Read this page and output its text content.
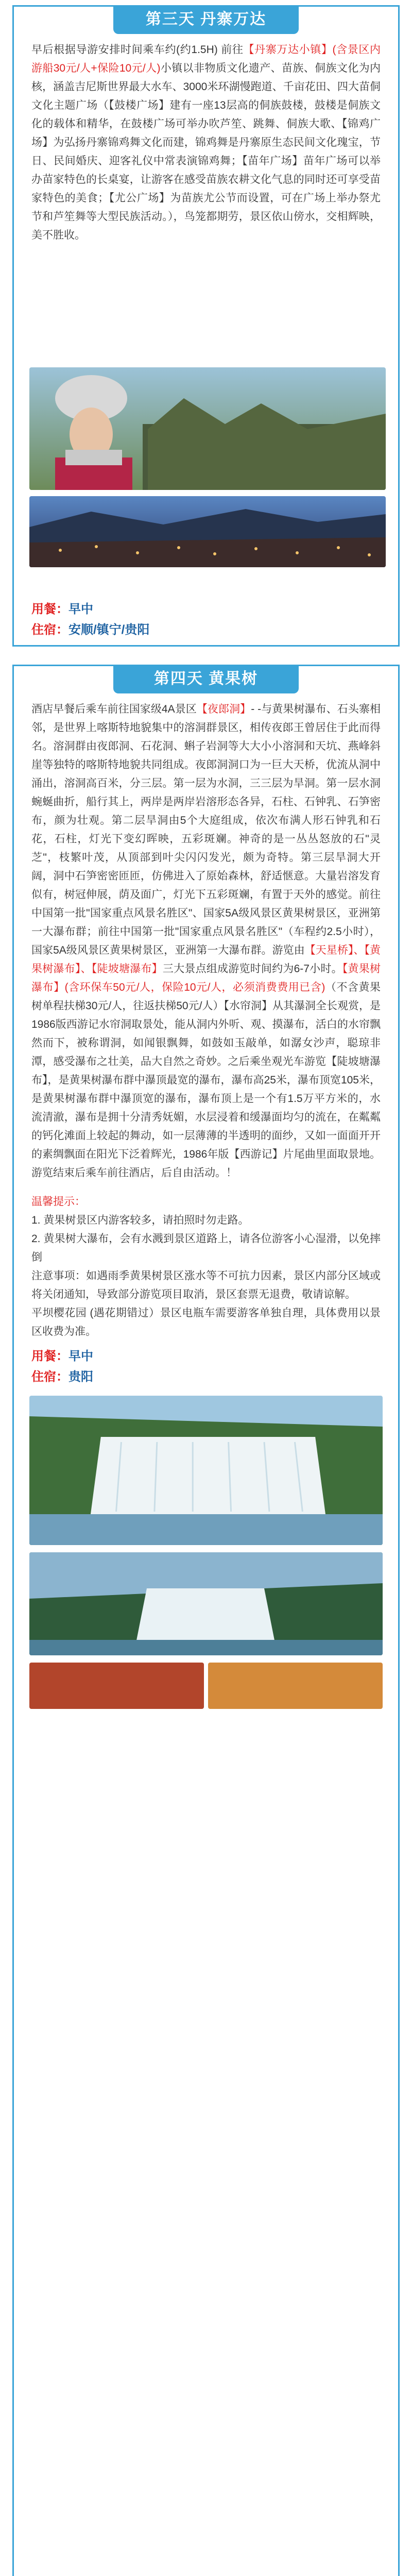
第三天 丹寨万达

早后根据导游安排时间乘车约(约1.5H) 前往【丹寨万达小镇】(含景区内游船30元/人+保险10元/人)小镇以非物质文化遗产、苗族、侗族文化为内核，涵盖吉尼斯世界最大水车、3000米环湖慢跑道、千亩花田、四大苗侗文化主题广场（【鼓楼广场】建有一座13层高的侗族鼓楼，鼓楼是侗族文化的载体和精华，在鼓楼广场可举办吹芦笙、跳舞、侗族大歌、【锦鸡广场】为弘扬丹寨锦鸡舞文化而建，锦鸡舞是丹寨原生态民间文化瑰宝，节日、民间婚庆、迎客礼仪中常表演锦鸡舞；【苗年广场】苗年广场可以举办苗家特色的长桌宴，让游客在感受苗族农耕文化气息的同时还可享受苗家特色的美食；【尤公广场】为苗族尤公节而设置，可在广场上举办祭尤节和芦笙舞等大型民族活动。），鸟笼都期劳，景区依山傍水，交相辉映，美不胜收。

用餐：早中
住宿：安顺/镇宁/贵阳
第四天 黄果树

酒店早餐后乘车前往国家级4A景区【夜郎洞】- -与黄果树瀑布、石头寨相邻，是世界上喀斯特地貌集中的溶洞群景区，相传夜郎王曾居住于此而得名。溶洞群由夜郎洞、石花洞、蝌子岩洞等大大小小溶洞和天坑、燕峰斜崖等独特的喀斯特地貌共同组成。夜郎洞洞口为一巨大天桥，优流从洞中涌出，溶洞高百米，分三层。第一层为水洞，三三层为旱洞。第一层水洞蜿蜒曲折，船行其上，两岸是两岸岩溶形态各异，石柱、石钟乳、石笋密布，颜为壮观。第二层旱洞由5个大庭组成，依次布满人形石钟乳和石花，石柱，灯光下变幻晖映，五彩斑斓。神奇的是一丛丛怒放的石"灵芝"，枝繁叶茂，从顶部到叶尖闪闪发光，颇为奇特。第三层旱洞大开阔，洞中石笋密密匝匝，仿佛进入了原始森林，舒适惬意。大量岩溶发育似有，树冠伸展，荫及面广，灯光下五彩斑斓，有置于天外的感觉。前往中国第一批"国家重点风景名胜区"、国家5A级风景区黄果树景区，亚洲第一大瀑布群；前往中国第一批"国家重点风景名胜区"（车程约2.5小时），国家5A级风景区黄果树景区，亚洲第一大瀑布群。游览由【天星桥】、【黄果树瀑布】、【陡坡塘瀑布】三大景点组成游览时间约为6-7小时。【黄果树瀑布】(含环保车50元/人，保险10元/人，必须消费费用已含)（不含黄果树单程扶梯30元/人，往返扶梯50元/人）【水帘洞】从其瀑洞全长观赏，是1986版西游记水帘洞取景处，能从洞内外听、观、摸瀑布，活白的水帘飘然而下，被称谓洞，如闻银飘舞，如鼓如玉敲单，如潺女沙声，聪琼非潭，感受瀑布之壮美，品大自然之奇妙。之后乘坐观光车游览【陡坡塘瀑布】，是黄果树瀑布群中瀑顶最宽的瀑布，瀑布高25米，瀑布顶宽105米，是黄果树瀑布群中瀑顶宽的瀑布，瀑布顶上是一个有1.5万平方米的，水流清澈，瀑布是拥十分清秀妩媚，水层浸着和缓瀑面均匀的流在，在粼粼的钙化滩面上较起的舞动，如一层薄薄的半透明的面纱，又如一面面开开的素绸飘面在阳光下泛着辉光，1986年版【西游记】片尾曲里面取景地。游览结束后乘车前往酒店，后自由活动。！

温馨提示：

1. 黄果树景区内游客较多，请拍照时勿走路。

2. 黄果树大瀑布，会有水溅到景区道路上，请各位游客小心湿滑，以免摔倒

注意事项：如遇雨季黄果树景区涨水等不可抗力因素，景区内部分区域或将关闭通知，导致部分游览项目取消，景区套票无退费，敬请谅解。

平坝樱花园 (遇花期错过）景区电瓶车需要游客单独自理，具体费用以景区收费为准。

用餐：早中
住宿：贵阳
